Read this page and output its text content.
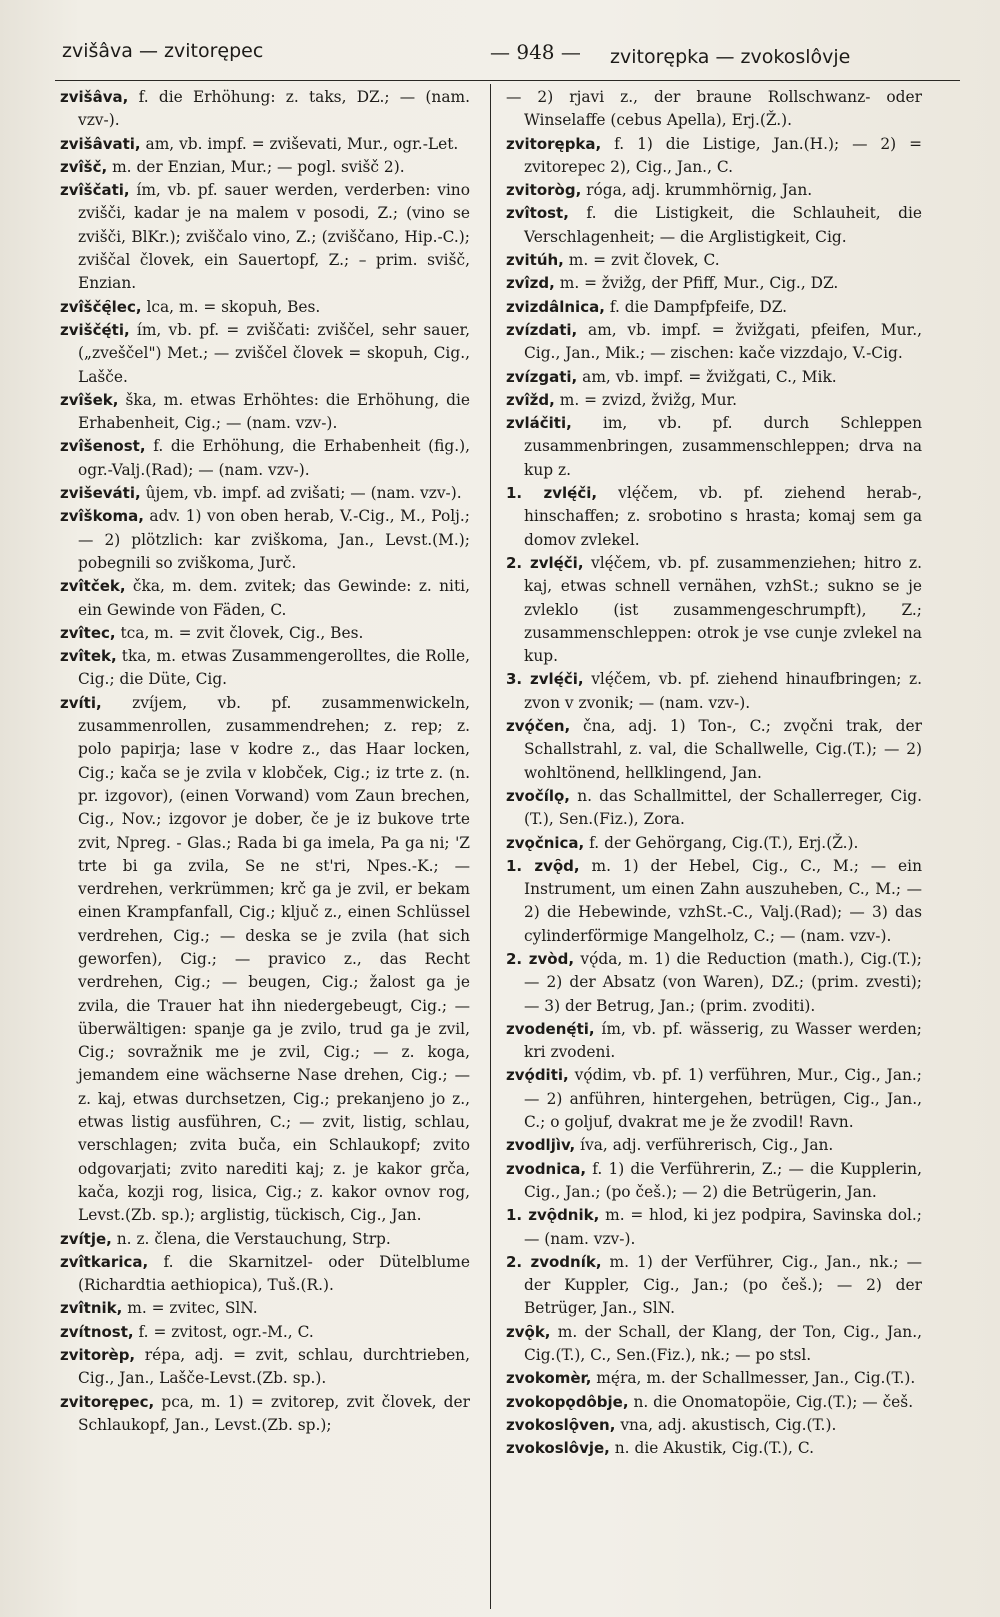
zvišâva — zvitorępec	— 948 — zvitorępka — zvokoslôvje

zvišâva, f. die Erhöhung: z. taks, DZ.; — (nam. vzv-).

zvišâvati, am, vb. impf. = zviševati, Mur., ogr.-Let.

zvîšč, m. der Enzian, Mur.; — pogl. svišč 2).

zvîščati, ím, vb. pf. sauer werden, verderben: vino zvišči, kadar je na malem v posodi, Z.; (vino se zvišči, BlKr.); zviščalo vino, Z.; (zviščano, Hip.-C.); zviščal človek, ein Sauertopf, Z.; – prim. svišč, Enzian.

zvîščę̑lec, lca, m. = skopuh, Bes.

zviščę́ti, ím, vb. pf. = zviščati: zviščel, sehr sauer, („zveščel") Met.; — zviščel človek = skopuh, Cig., Lašče.

zvîšek, ška, m. etwas Erhöhtes: die Erhöhung, die Erhabenheit, Cig.; — (nam. vzv-).

zvîšenost, f. die Erhöhung, die Erhabenheit (fig.), ogr.-Valj.(Rad); — (nam. vzv-).

zviševáti, ûjem, vb. impf. ad zvišati; — (nam. vzv-).

zvîškoma, adv. 1) von oben herab, V.-Cig., M., Polj.; — 2) plötzlich: kar zviškoma, Jan., Levst.(M.); pobegnili so zviškoma, Jurč.

zvîtček, čka, m. dem. zvitek; das Gewinde: z. niti, ein Gewinde von Fäden, C.

zvîtec, tca, m. = zvit človek, Cig., Bes.

zvîtek, tka, m. etwas Zusammengerolltes, die Rolle, Cig.; die Düte, Cig.

zvíti, zvíjem, vb. pf. zusammenwickeln, zusammenrollen, zusammendrehen; z. rep; z. polo papirja; lase v kodre z., das Haar locken, Cig.; kača se je zvila v klobček, Cig.; iz trte z. (n. pr. izgovor), (einen Vorwand) vom Zaun brechen, Cig., Nov.; izgovor je dober, če je iz bukove trte zvit, Npreg. - Glas.; Rada bi ga imela, Pa ga ni; 'Z trte bi ga zvila, Se ne st'ri, Npes.-K.; — verdrehen, verkrümmen; krč ga je zvil, er bekam einen Krampfanfall, Cig.; ključ z., einen Schlüssel verdrehen, Cig.; — deska se je zvila (hat sich geworfen), Cig.; — pravico z., das Recht verdrehen, Cig.; — beugen, Cig.; žalost ga je zvila, die Trauer hat ihn niedergebeugt, Cig.; — überwältigen: spanje ga je zvilo, trud ga je zvil, Cig.; sovražnik me je zvil, Cig.; — z. koga, jemandem eine wächserne Nase drehen, Cig.; — z. kaj, etwas durchsetzen, Cig.; prekanjeno jo z., etwas listig ausführen, C.; — zvit, listig, schlau, verschlagen; zvita buča, ein Schlaukopf; zvito odgovarjati; zvito narediti kaj; z. je kakor grča, kača, kozji rog, lisica, Cig.; z. kakor ovnov rog, Levst.(Zb. sp.); arglistig, tückisch, Cig., Jan.

zvítje, n. z. člena, die Verstauchung, Strp.

zvîtkarica, f. die Skarnitzel- oder Dütelblume (Richardtia aethiopica), Tuš.(R.).

zvîtnik, m. = zvitec, SlN.

zvítnost, f. = zvitost, ogr.-M., C.

zvitorèp, répa, adj. = zvit, schlau, durchtrieben, Cig., Jan., Lašče-Levst.(Zb. sp.).

zvitorępec, pca, m. 1) = zvitorep, zvit človek, der Schlaukopf, Jan., Levst.(Zb. sp.);

— 2) rjavi z., der braune Rollschwanz- oder Winselaffe (cebus Apella), Erj.(Ž.).

zvitorępka, f. 1) die Listige, Jan.(H.); — 2) = zvitorepec 2), Cig., Jan., C.

zvitoròg, róga, adj. krummhörnig, Jan.

zvîtost, f. die Listigkeit, die Schlauheit, die Verschlagenheit; — die Arglistigkeit, Cig.

zvitúh, m. = zvit človek, C.

zvîzd, m. = žvižg, der Pfiff, Mur., Cig., DZ.

zvizdâlnica, f. die Dampfpfeife, DZ.

zvízdati, am, vb. impf. = žvižgati, pfeifen, Mur., Cig., Jan., Mik.; — zischen: kače vizzdajo, V.-Cig.

zvízgati, am, vb. impf. = žvižgati, C., Mik.

zvîžd, m. = zvizd, žvižg, Mur.

zvláčiti, im, vb. pf. durch Schleppen zusammenbringen, zusammenschleppen; drva na kup z.

1. zvlę́či, vlę́čem, vb. pf. ziehend herab-, hinschaffen; z. srobotino s hrasta; komaj sem ga domov zvlekel.

2. zvlę́či, vlę́čem, vb. pf. zusammenziehen; hitro z. kaj, etwas schnell vernähen, vzhSt.; sukno se je zvleklo (ist zusammengeschrumpft), Z.; zusammenschleppen: otrok je vse cunje zvlekel na kup.

3. zvlę́či, vlę́čem, vb. pf. ziehend hinaufbringen; z. zvon v zvonik; — (nam. vzv-).

zvǫ́čen, čna, adj. 1) Ton-, C.; zvǫčni trak, der Schallstrahl, z. val, die Schallwelle, Cig.(T.); — 2) wohltönend, hellklingend, Jan.

zvočílǫ, n. das Schallmittel, der Schallerreger, Cig.(T.), Sen.(Fiz.), Zora.

zvǫčnica, f. der Gehörgang, Cig.(T.), Erj.(Ž.).

1. zvǫ̑d, m. 1) der Hebel, Cig., C., M.; — ein Instrument, um einen Zahn auszuheben, C., M.; — 2) die Hebewinde, vzhSt.-C., Valj.(Rad); — 3) das cylinderförmige Mangelholz, C.; — (nam. vzv-).

2. zvòd, vǫ́da, m. 1) die Reduction (math.), Cig.(T.); — 2) der Absatz (von Waren), DZ.; (prim. zvesti); — 3) der Betrug, Jan.; (prim. zvoditi).

zvodenę́ti, ím, vb. pf. wässerig, zu Wasser werden; kri zvodeni.

zvǫ́diti, vǫ́dim, vb. pf. 1) verführen, Mur., Cig., Jan.; — 2) anführen, hintergehen, betrügen, Cig., Jan., C.; o goljuf, dvakrat me je že zvodil! Ravn.

zvodljìv, íva, adj. verführerisch, Cig., Jan.

zvodnica, f. 1) die Verführerin, Z.; — die Kupplerin, Cig., Jan.; (po češ.); — 2) die Betrügerin, Jan.

1. zvǫ̑dnik, m. = hlod, ki jez podpira, Savinska dol.; — (nam. vzv-).

2. zvodník, m. 1) der Verführer, Cig., Jan., nk.; — der Kuppler, Cig., Jan.; (po češ.); — 2) der Betrüger, Jan., SlN.

zvǫ̑k, m. der Schall, der Klang, der Ton, Cig., Jan., Cig.(T.), C., Sen.(Fiz.), nk.; — po stsl.

zvokomèr, mę́ra, m. der Schallmesser, Jan., Cig.(T.).

zvokopǫdôbje, n. die Onomatopöie, Cig.(T.); — češ.

zvokoslǫ̑ven, vna, adj. akustisch, Cig.(T.).

zvokoslôvje, n. die Akustik, Cig.(T.), C.
